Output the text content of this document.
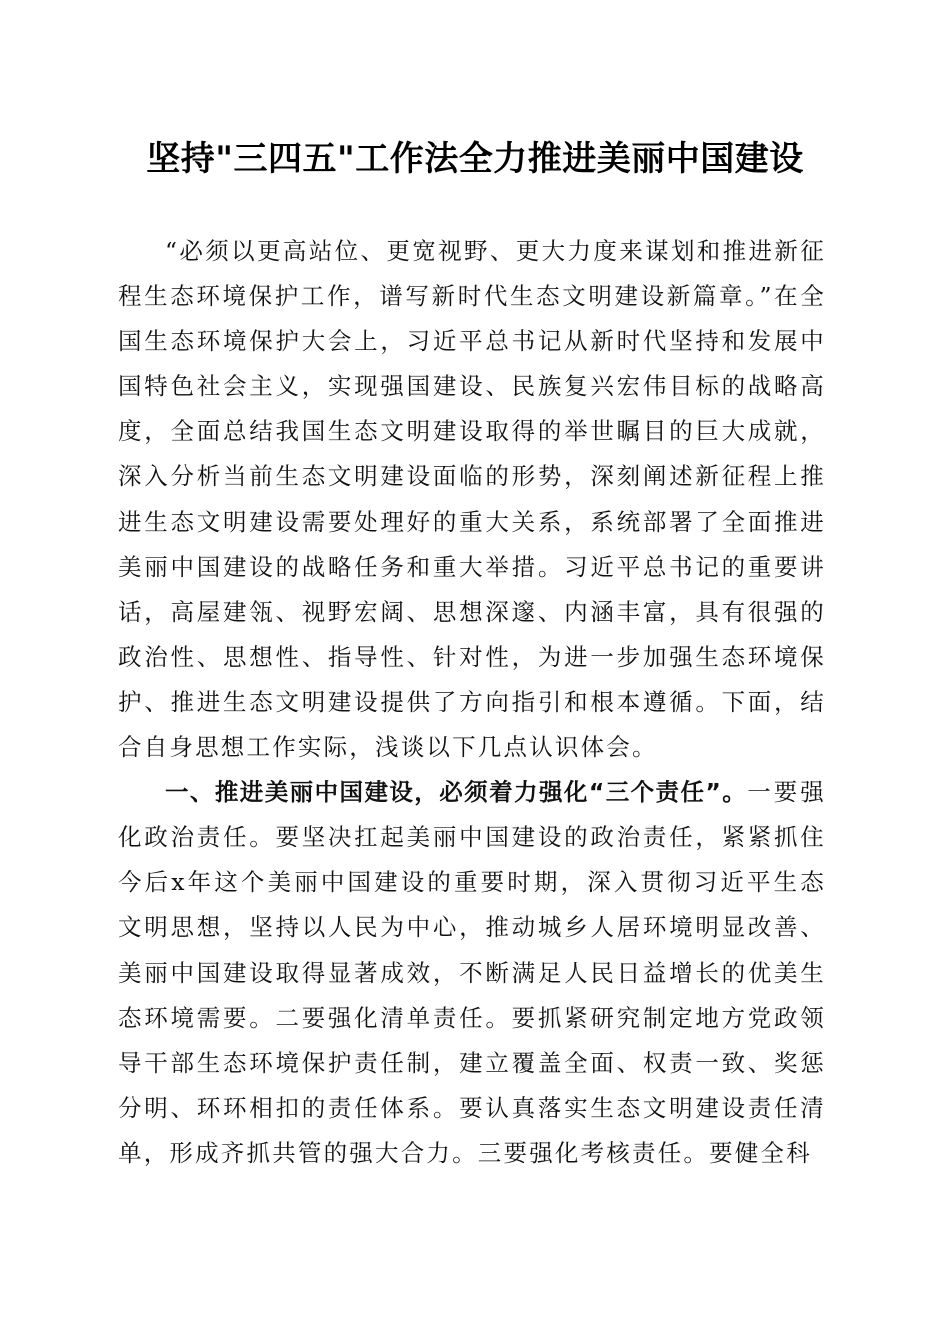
坚持"三四五"工作法全力推进美丽中国建设

“必须以更高站位、更宽视野、更大力度来谋划和推进新征程生态环境保护工作，谱写新时代生态文明建设新篇章。”在全国生态环境保护大会上，习近平总书记从新时代坚持和发展中国特色社会主义，实现强国建设、民族复兴宏伟目标的战略高度，全面总结我国生态文明建设取得的举世瞩目的巨大成就，深入分析当前生态文明建设面临的形势，深刻阐述新征程上推进生态文明建设需要处理好的重大关系，系统部署了全面推进美丽中国建设的战略任务和重大举措。习近平总书记的重要讲话，高屋建瓴、视野宏阔、思想深邃、内涵丰富，具有很强的政治性、思想性、指导性、针对性，为进一步加强生态环境保护、推进生态文明建设提供了方向指引和根本遵循。下面，结合自身思想工作实际，浅谈以下几点认识体会。

一、推进美丽中国建设，必须着力强化“三个责任”。一要强化政治责任。要坚决扛起美丽中国建设的政治责任，紧紧抓住今后x年这个美丽中国建设的重要时期，深入贯彻习近平生态文明思想，坚持以人民为中心，推动城乡人居环境明显改善、美丽中国建设取得显著成效，不断满足人民日益增长的优美生态环境需要。二要强化清单责任。要抓紧研究制定地方党政领导干部生态环境保护责任制，建立覆盖全面、权责一致、奖惩分明、环环相扣的责任体系。要认真落实生态文明建设责任清单，形成齐抓共管的强大合力。三要强化考核责任。要健全科
